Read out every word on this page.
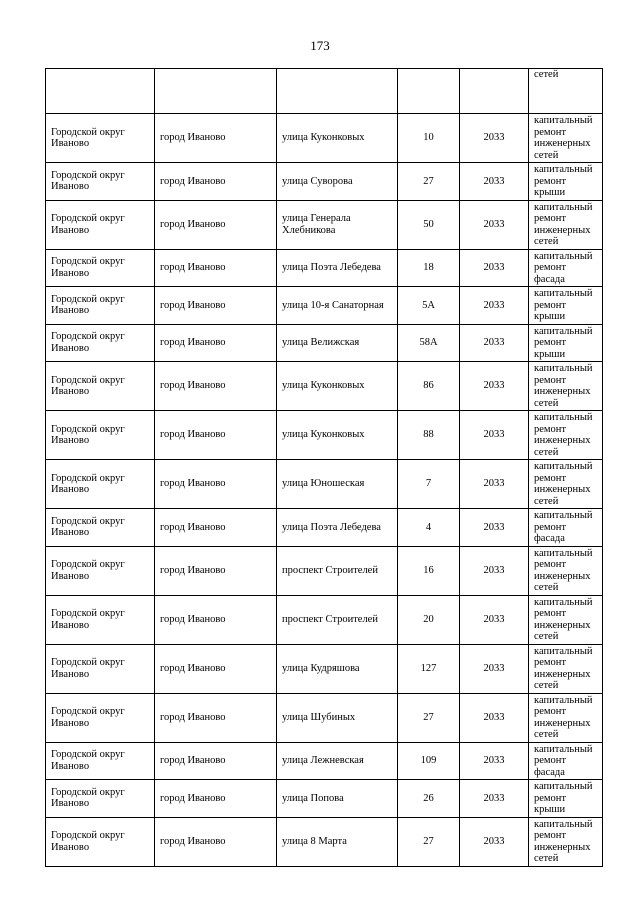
173
					сетей
Городской округ Иваново	город Иваново	улица Куконковых	10	2033	капитальный ремонт инженерных сетей
Городской округ Иваново	город Иваново	улица Суворова	27	2033	капитальный ремонт крыши
Городской округ Иваново	город Иваново	улица Генерала Хлебникова	50	2033	капитальный ремонт инженерных сетей
Городской округ Иваново	город Иваново	улица Поэта Лебедева	18	2033	капитальный ремонт фасада
Городской округ Иваново	город Иваново	улица 10-я Санаторная	5А	2033	капитальный ремонт крыши
Городской округ Иваново	город Иваново	улица Велижская	58А	2033	капитальный ремонт крыши
Городской округ Иваново	город Иваново	улица Куконковых	86	2033	капитальный ремонт инженерных сетей
Городской округ Иваново	город Иваново	улица Куконковых	88	2033	капитальный ремонт инженерных сетей
Городской округ Иваново	город Иваново	улица Юношеская	7	2033	капитальный ремонт инженерных сетей
Городской округ Иваново	город Иваново	улица Поэта Лебедева	4	2033	капитальный ремонт фасада
Городской округ Иваново	город Иваново	проспект Строителей	16	2033	капитальный ремонт инженерных сетей
Городской округ Иваново	город Иваново	проспект Строителей	20	2033	капитальный ремонт инженерных сетей
Городской округ Иваново	город Иваново	улица Кудряшова	127	2033	капитальный ремонт инженерных сетей
Городской округ Иваново	город Иваново	улица Шубиных	27	2033	капитальный ремонт инженерных сетей
Городской округ Иваново	город Иваново	улица Лежневская	109	2033	капитальный ремонт фасада
Городской округ Иваново	город Иваново	улица Попова	26	2033	капитальный ремонт крыши
Городской округ Иваново	город Иваново	улица 8 Марта	27	2033	капитальный ремонт инженерных сетей
